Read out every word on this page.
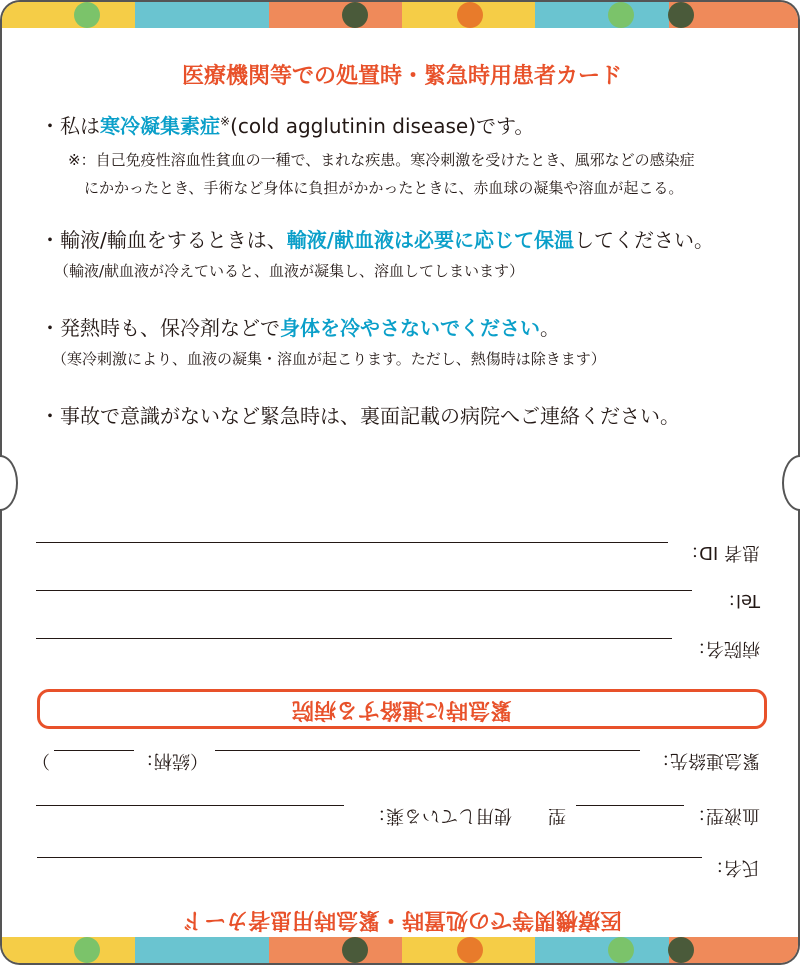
医療機関等での処置時・緊急時用患者カード
・私は寒冷凝集素症※(cold agglutinin disease)です。
※：自己免疫性溶血性貧血の一種で、まれな疾患。寒冷刺激を受けたとき、風邪などの感染症
にかかったとき、手術など身体に負担がかかったときに、赤血球の凝集や溶血が起こる。
・輸液/輸血をするときは、輸液/献血液は必要に応じて保温してください。
（輸液/献血液が冷えていると、血液が凝集し、溶血してしまいます）
・発熱時も、保冷剤などで身体を冷やさないでください。
（寒冷刺激により、血液の凝集・溶血が起こります。ただし、熱傷時は除きます）
・事故で意識がないなど緊急時は、裏面記載の病院へご連絡ください。
医療機関等での処置時・緊急時用患者カード
氏名：
血液型：
型
使用している薬：
緊急連絡先：
（続柄：
）
緊急時に連絡する病院
病院名：
Tel：
患者 ID：
